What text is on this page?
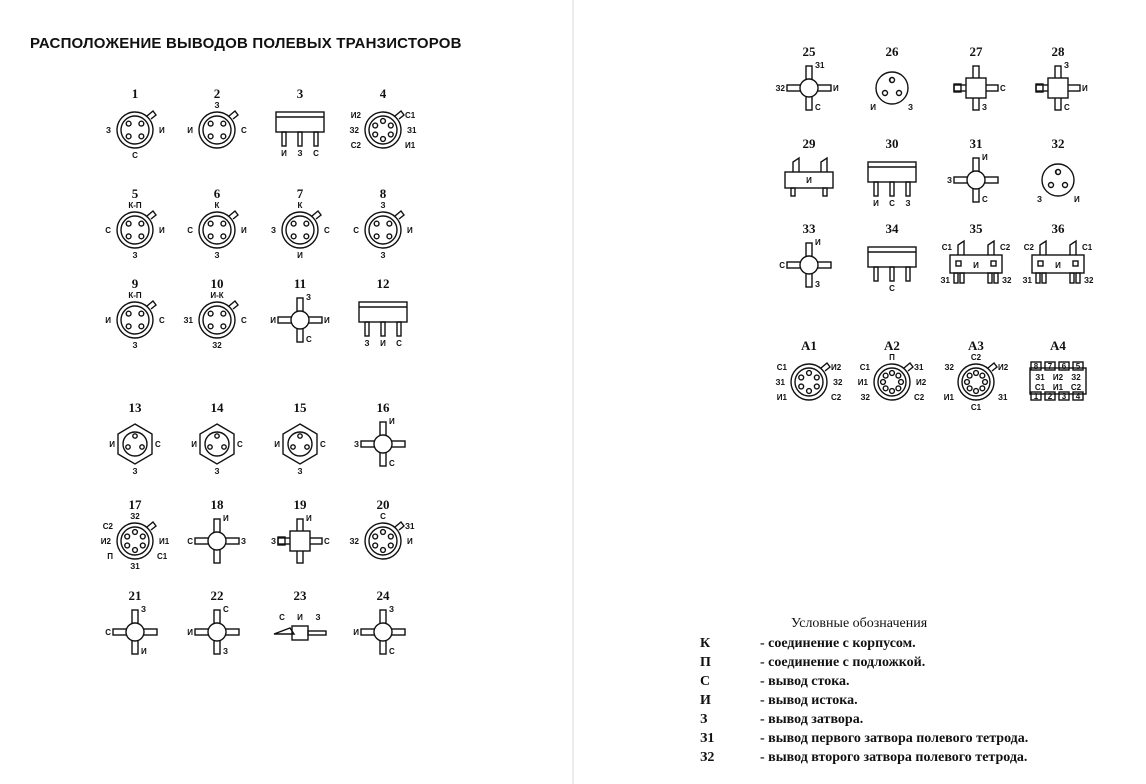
РАСПОЛОЖЕНИЕ ВЫВОДОВ ПОЛЕВЫХ ТРАНЗИСТОРОВ
1
З	И
С
2
З
И	С
3
И З С
4
И2	С1
З2	З1
С2	И1
5
К-П
С	И
З
6
К
С	И
З
7
К
З	С
И
8
З
С	И
З
9
К-П
И	С
З
10
И-К
З1	С
З2
11
З
И	И
С
12
З И С
13
И	С
З
14
И	С
З
15
И	С
З
16
И
З
С
17
З2
З1
С2
И2	И1
П	С1
18
И
С	З
19
И
З	С
20
С
З1
З2	И
21
З
С
И
22
С
И
З
23
С И З
24
З
И
С
25
З1
З2	И
С
26
С
И	З
27
С
З
28
З
И
С
29
И
30
И С З
31
И
З
С
32
С
З	И
33
И
С
З
34
С
35
С1	С2
И
З1	З2
36
С2	С1
И
З1	З2
А1
С1	И2
З1	З2
И1	С2
А2
П
С1	З1
И1	И2
З2	С2
А3
С2
С1
З2	И2
И1	З1
А4
8 7 6 5
1 2 3 4
З1 И2 З2
С1 И1 С2
Условные обозначения
К	- соединение с корпусом.
П	- соединение с подложкой.
С	- вывод стока.
И	- вывод истока.
З	- вывод затвора.
З1	- вывод первого затвора полевого тетрода.
З2	- вывод второго затвора полевого тетрода.
